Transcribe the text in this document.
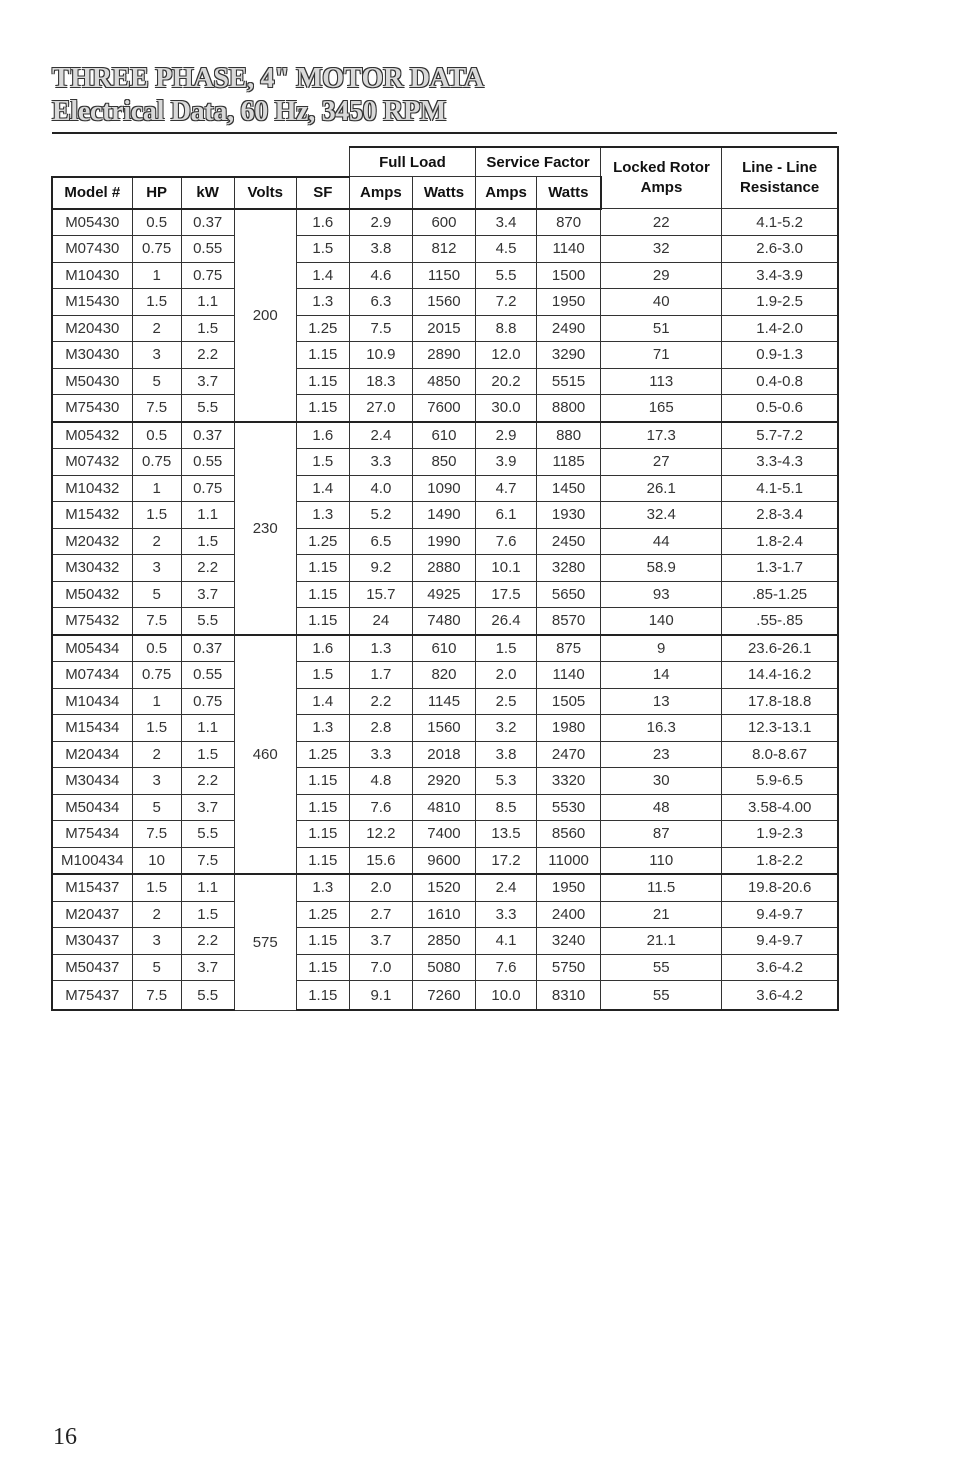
THREE PHASE, 4" MOTOR DATA
Electrical Data, 60 Hz, 3450 RPM
					Full Load		Service Factor		Locked Rotor Amps	Line - Line Resistance
Model #	HP	kW	Volts	SF	Amps	Watts	Amps	Watts		
M05430	0.5	0.37	200	1.6	2.9	600	3.4	870	22	4.1-5.2
M07430	0.75	0.55		1.5	3.8	812	4.5	1140	32	2.6-3.0
M10430	1	0.75		1.4	4.6	1150	5.5	1500	29	3.4-3.9
M15430	1.5	1.1		1.3	6.3	1560	7.2	1950	40	1.9-2.5
M20430	2	1.5		1.25	7.5	2015	8.8	2490	51	1.4-2.0
M30430	3	2.2		1.15	10.9	2890	12.0	3290	71	0.9-1.3
M50430	5	3.7		1.15	18.3	4850	20.2	5515	113	0.4-0.8
M75430	7.5	5.5		1.15	27.0	7600	30.0	8800	165	0.5-0.6
M05432	0.5	0.37	230	1.6	2.4	610	2.9	880	17.3	5.7-7.2
M07432	0.75	0.55		1.5	3.3	850	3.9	1185	27	3.3-4.3
M10432	1	0.75		1.4	4.0	1090	4.7	1450	26.1	4.1-5.1
M15432	1.5	1.1		1.3	5.2	1490	6.1	1930	32.4	2.8-3.4
M20432	2	1.5		1.25	6.5	1990	7.6	2450	44	1.8-2.4
M30432	3	2.2		1.15	9.2	2880	10.1	3280	58.9	1.3-1.7
M50432	5	3.7		1.15	15.7	4925	17.5	5650	93	.85-1.25
M75432	7.5	5.5		1.15	24	7480	26.4	8570	140	.55-.85
M05434	0.5	0.37	460	1.6	1.3	610	1.5	875	9	23.6-26.1
M07434	0.75	0.55		1.5	1.7	820	2.0	1140	14	14.4-16.2
M10434	1	0.75		1.4	2.2	1145	2.5	1505	13	17.8-18.8
M15434	1.5	1.1		1.3	2.8	1560	3.2	1980	16.3	12.3-13.1
M20434	2	1.5		1.25	3.3	2018	3.8	2470	23	8.0-8.67
M30434	3	2.2		1.15	4.8	2920	5.3	3320	30	5.9-6.5
M50434	5	3.7		1.15	7.6	4810	8.5	5530	48	3.58-4.00
M75434	7.5	5.5		1.15	12.2	7400	13.5	8560	87	1.9-2.3
M100434	10	7.5		1.15	15.6	9600	17.2	11000	110	1.8-2.2
M15437	1.5	1.1	575	1.3	2.0	1520	2.4	1950	11.5	19.8-20.6
M20437	2	1.5		1.25	2.7	1610	3.3	2400	21	9.4-9.7
M30437	3	2.2		1.15	3.7	2850	4.1	3240	21.1	9.4-9.7
M50437	5	3.7		1.15	7.0	5080	7.6	5750	55	3.6-4.2
M75437	7.5	5.5		1.15	9.1	7260	10.0	8310	55	3.6-4.2
16
